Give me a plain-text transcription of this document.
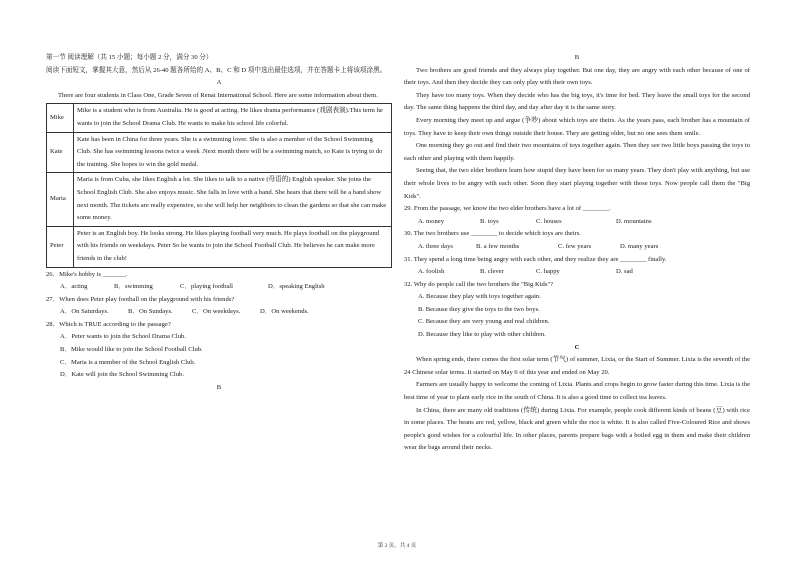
第一节 阅读理解（共 15 小题；每小题 2 分，满分 30 分）

阅读下面短文，掌握其大意，然后从 26-40 题各所给的 A、B、C 和 D 项中选出最佳选项，并在答题卡上将该项涂黑。

A

There are four students in Class One, Grade Seven of Renai International School. Here are some information about them.

Mike	Mike is a student who is from Australia. He is good at acting. He likes drama performance (戏剧表演).This term he wants to join the School Drama Club. He wants to make his school life colorful.
Kate	Kate has been in China for three years. She is a swimming lover. She is also a member of the School Swimming Club. She has swimming lessons twice a week .Next month there will be a swimming match, so Kate is trying to do the training. She hopes to win the gold medal.
Maria	Maria is from Cuba, she likes English a lot. She likes to talk to a native (母语的) English speaker. She joins the School English Club. She also enjoys music. She falls in love with a band. She hears that there will be a band show next month. The tickets are really expensive, so she will help her neighbors to clean the gardens so that she can make some money.
Peter	Peter is an English boy. He looks strong. He likes playing football very much. He plays football on the playground with his friends on weekdays. Peter So he wants to join the School Football Club. He believes he can make more friends in the club!

26．Mike's hobby is _______.

A．acting	B．swimming	C．playing football	D．speaking English

27．When does Peter play football on the playground with his friends?

A．On Saturdays.	B．On Sundays.	C．On weekdays.	D．On weekends.

28．Which is TRUE according to the passage?

A．Peter wants to join the School Drama Club.

B．Mike would like to join the School Football Club.

C．Maria is a member of the School English Club.

D．Kate will join the School Swimming Club.

B

B

Two brothers are good friends and they always play together. But one day, they are angry with each other because of one of their toys. And then they decide they can only play with their own toys.

They have too many toys. When they decide who has the big toys, it's time for bed. They leave the small toys for the second day. The same thing happens the third day, and day after day it is the same story.

Every morning they meet up and argue (争吵) about which toys are theirs. As the years pass, each brother has a mountain of toys. They have to keep their own things outside their house. They are getting older, but no one sees them smile.

One morning they go out and find their two mountains of toys together again. Then they see two little boys passing the toys to each other and playing with them happily.

Seeing that, the two elder brothers learn how stupid they have been for so many years. They don't play with anything, but use their whole lives to be angry with each other. Soon they start playing together with those toys. Now people call them the "Big Kids".

29. From the passage, we know the two elder brothers have a lot of ________.

A. money	B. toys	C. houses	D. mountains

30. The two brothers use ________ to decide which toys are theirs.

A. three days	B. a few months	C. few years	D. many years

31. They spend a long time being angry with each other, and they realize they are ________ finally.

A. foolish	B. clever	C. happy	D. sad

32. Why do people call the two brothers the "Big Kids"?

A. Because they play with toys together again.

B. Because they give the toys to the two boys.

C. Because they are very young and real children.

D. Because they like to play with other children.

C

When spring ends, there comes the first solar term (节气) of summer, Lixia, or the Start of Summer. Lixia is the seventh of the 24 Chinese solar terms. It started on May 6 of this year and ended on May 20.

Farmers are usually happy to welcome the coming of Lixia. Plants and crops begin to grow faster during this time. Lixia is the best time of year to plant early rice in the south of China. It is also a good time to collect tea leaves.

In China, there are many old traditions (传统) during Lixia. For example, people cook different kinds of beans (豆) with rice in some places. The beans are red, yellow, black and green while the rice is white. It is also called Five-Coloured Rice and shows people's good wishes for a colourful life. In other places, parents prepare bags with a boiled egg in them and make their children wear the bags around their necks.

第 2 页，共 4 页
